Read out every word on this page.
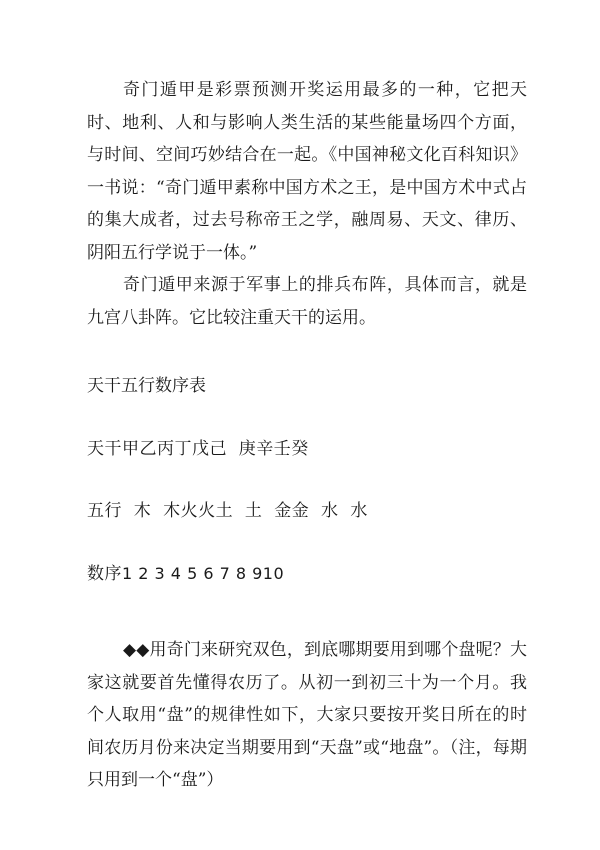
奇门遁甲是彩票预测开奖运用最多的一种，它把天时、地利、人和与影响人类生活的某些能量场四个方面，与时间、空间巧妙结合在一起。《中国神秘文化百科知识》一书说：“奇门遁甲素称中国方术之王，是中国方术中式占的集大成者，过去号称帝王之学，融周易、天文、律历、阴阳五行学说于一体。”

奇门遁甲来源于军事上的排兵布阵，具体而言，就是九宫八卦阵。它比较注重天干的运用。

天干五行数序表

天干甲乙丙丁戊己  庚辛壬癸

五行  木  木火火土  土  金金  水  水

数序1 2 3 4 5 6 7 8 910

◆◆用奇门来研究双色，到底哪期要用到哪个盘呢？大家这就要首先懂得农历了。从初一到初三十为一个月。我个人取用“盘”的规律性如下，大家只要按开奖日所在的时间农历月份来决定当期要用到“天盘”或“地盘”。（注，每期只用到一个“盘”）
